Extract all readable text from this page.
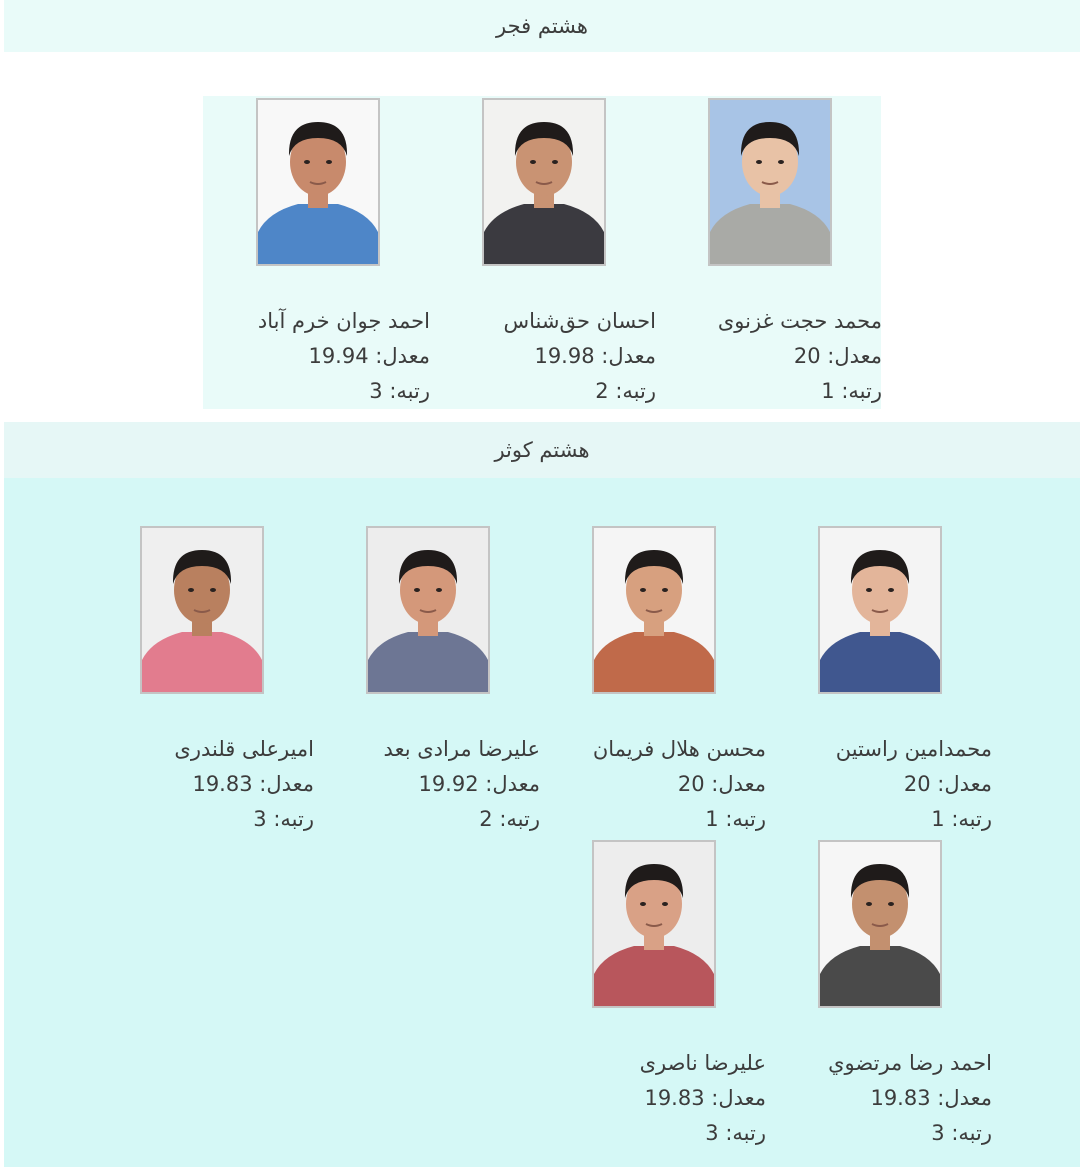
هشتم فجر
محمد حجت غزنوی
معدل: 20
رتبه: 1
احسان حق‌شناس
معدل: 19.98
رتبه: 2
احمد جوان خرم آباد
معدل: 19.94
رتبه: 3
هشتم کوثر
محمدامین راستین
معدل: 20
رتبه: 1
محسن هلال فریمان
معدل: 20
رتبه: 1
علیرضا مرادی بعد
معدل: 19.92
رتبه: 2
امیرعلی قلندری
معدل: 19.83
رتبه: 3
احمد رضا مرتضوي
معدل: 19.83
رتبه: 3
علیرضا ناصری
معدل: 19.83
رتبه: 3
